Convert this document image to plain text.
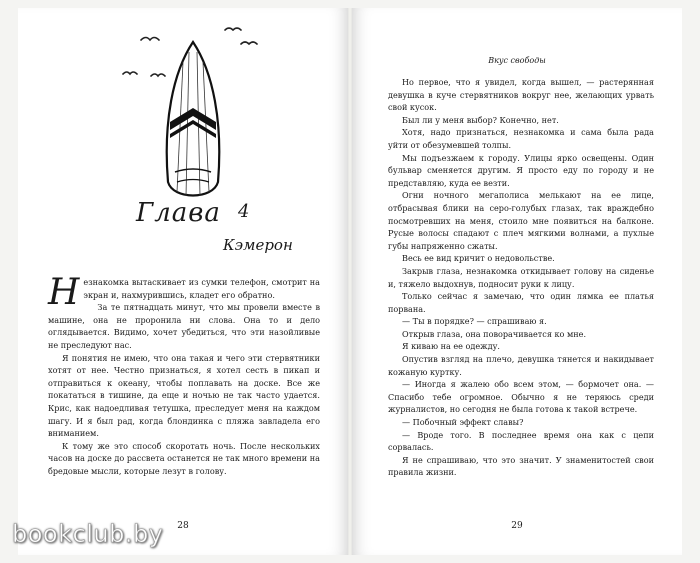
Глава 4
Кэмерон

Незнакомка вытаскивает из сумки телефон, смотрит на экран и, нахмурившись, кладет его обратно.

За те пятнадцать минут, что мы провели вместе в машине, она не проронила ни слова. Она то и дело оглядывается. Видимо, хочет убедиться, что эти назойливые не преследуют нас.

Я понятия не имею, что она такая и чего эти стервятники хотят от нее. Честно признаться, я хотел сесть в пикап и отправиться к океану, чтобы поплавать на доске. Все же покататься в тишине, да еще и ночью не так часто удается. Крис, как надоедливая тетушка, преследует меня на каждом шагу. И я был рад, когда блондинка с пляжа завладела его вниманием.

К тому же это способ скоротать ночь. После нескольких часов на доске до рассвета останется не так много времени на бредовые мысли, которые лезут в голову.

28
Вкус свободы

Но первое, что я увидел, когда вышел, — растерянная девушка в куче стервятников вокруг нее, желающих урвать свой кусок.

Был ли у меня выбор? Конечно, нет.

Хотя, надо признаться, незнакомка и сама была рада уйти от обезумевшей толпы.

Мы подъезжаем к городу. Улицы ярко освещены. Один бульвар сменяется другим. Я просто еду по городу и не представляю, куда ее везти.

Огни ночного мегаполиса мелькают на ее лице, отбрасывая блики на серо-голубых глазах, так враждебно посмотревших на меня, стоило мне появиться на балконе. Русые волосы спадают с плеч мягкими волнами, а пухлые губы напряженно сжаты.

Весь ее вид кричит о недовольстве.

Закрыв глаза, незнакомка откидывает голову на сиденье и, тяжело выдохнув, подносит руки к лицу.

Только сейчас я замечаю, что один лямка ее платья порвана.

— Ты в порядке? — спрашиваю я.

Открыв глаза, она поворачивается ко мне.

Я киваю на ее одежду.

Опустив взгляд на плечо, девушка тянется и накидывает кожаную куртку.

— Иногда я жалею обо всем этом, — бормочет она. — Спасибо тебе огромное. Обычно я не теряюсь среди журналистов, но сегодня не была готова к такой встрече.

— Побочный эффект славы?

— Вроде того. В последнее время она как с цепи сорвалась.

Я не спрашиваю, что это значит. У знаменитостей свои правила жизни.

29
bookclub.by
